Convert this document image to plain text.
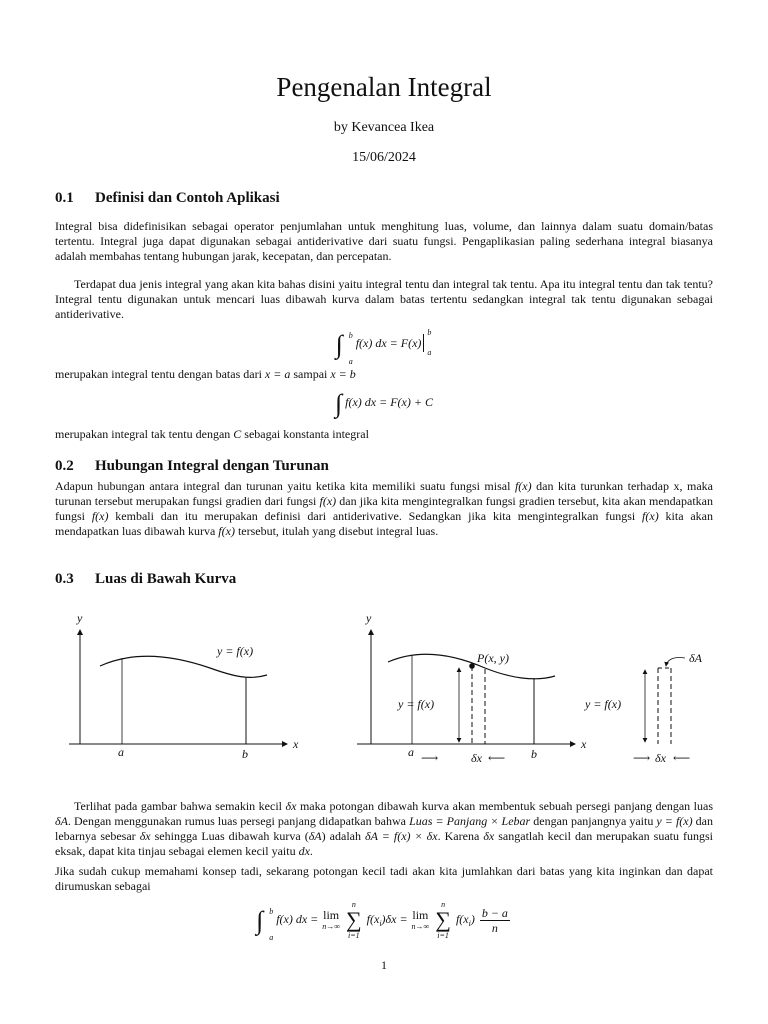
Pengenalan Integral
by Kevancea Ikea
15/06/2024
0.1 Definisi dan Contoh Aplikasi

Integral bisa didefinisikan sebagai operator penjumlahan untuk menghitung luas, volume, dan lainnya dalam suatu domain/batas tertentu. Integral juga dapat digunakan sebagai antiderivative dari suatu fungsi. Pengaplikasian paling sederhana integral biasanya adalah membahas tentang hubungan jarak, kecepatan, dan percepatan.

Terdapat dua jenis integral yang akan kita bahas disini yaitu integral tentu dan integral tak tentu. Apa itu integral tentu dan tak tentu? Integral tentu digunakan untuk mencari luas dibawah kurva dalam batas tertentu sedangkan integral tak tentu digunakan sebagai antiderivative.

∫ b
a
f(x) dx = F(x)
b
a

merupakan integral tentu dengan batas dari x = a sampai x = b

∫ f(x) dx = F(x) + C

merupakan integral tak tentu dengan C sebagai konstanta integral

0.2 Hubungan Integral dengan Turunan

Adapun hubungan antara integral dan turunan yaitu ketika kita memiliki suatu fungsi misal f(x) dan kita turunkan terhadap x, maka turunan tersebut merupakan fungsi gradien dari fungsi f(x) dan jika kita mengintegralkan fungsi gradien tersebut, kita akan mendapatkan fungsi f(x) kembali dan itu merupakan definisi dari antiderivative. Sedangkan jika kita mengintegralkan fungsi f(x) kita akan mendapatkan luas dibawah kurva f(x) tersebut, itulah yang disebut integral luas.

0.3 Luas di Bawah Kurva
y
x
a	b
y = f(x)
y
x
P(x, y)
y = f(x)
a	b
⟶	δx ⟵
y = f(x)
δA
⟶ δx ⟵

Terlihat pada gambar bahwa semakin kecil δx maka potongan dibawah kurva akan membentuk sebuah persegi panjang dengan luas δA. Dengan menggunakan rumus luas persegi panjang didapatkan bahwa Luas = Panjang × Lebar dengan panjangnya yaitu y = f(x) dan lebarnya sebesar δx sehingga Luas dibawah kurva (δA) adalah δA = f(x) × δx. Karena δx sangatlah kecil dan merupakan suatu fungsi eksak, dapat kita tinjau sebagai elemen kecil yaitu dx.

Jika sudah cukup memahami konsep tadi, sekarang potongan kecil tadi akan kita jumlahkan dari batas yang kita inginkan dan dapat dirumuskan sebagai

∫ b
a
f(x) dx = lim
n→∞

n
∑
i=1
$f(x_i)\delta x = \lim$
n→∞

n
∑
i=1
$f(x_i) \frac{b - a}{n}$
1
